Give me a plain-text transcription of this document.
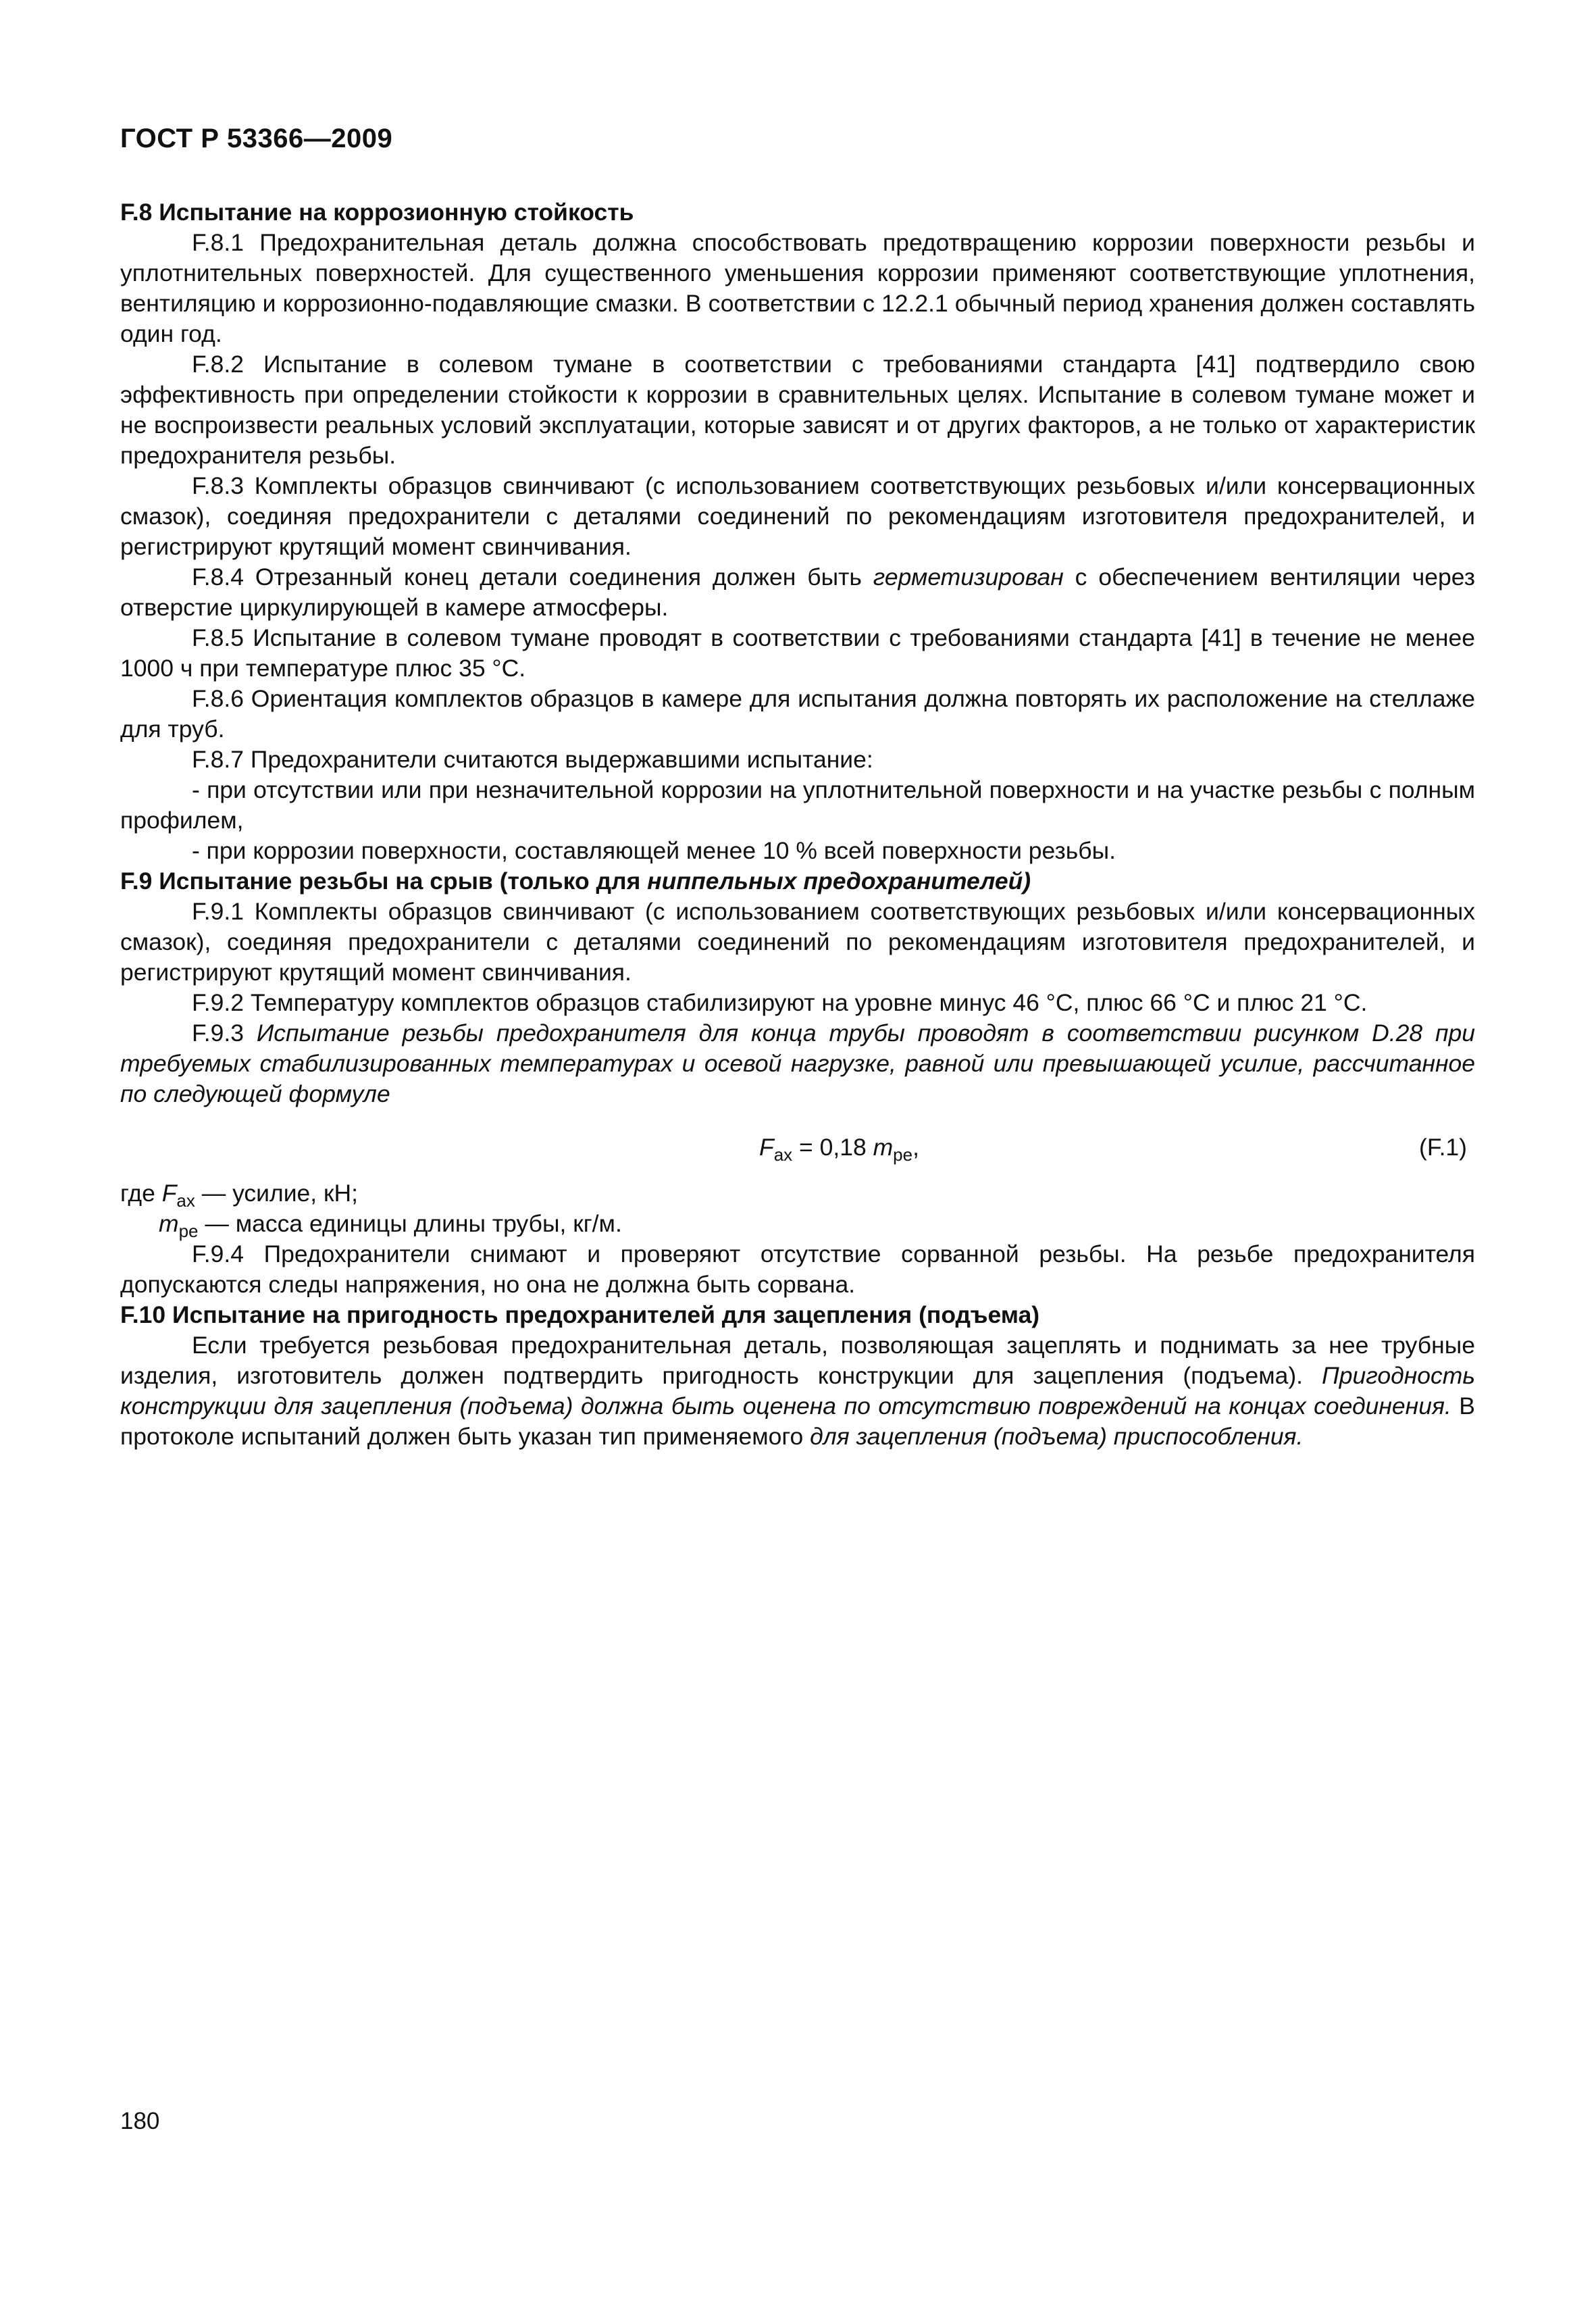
ГОСТ Р 53366—2009

F.8 Испытание на коррозионную стойкость

F.8.1 Предохранительная деталь должна способствовать предотвращению коррозии поверхности резьбы и уплотнительных поверхностей. Для существенного уменьшения коррозии применяют соответствующие уплотнения, вентиляцию и коррозионно-подавляющие смазки. В соответствии с 12.2.1 обычный период хранения должен составлять один год.

F.8.2 Испытание в солевом тумане в соответствии с требованиями стандарта [41] подтвердило свою эффективность при определении стойкости к коррозии в сравнительных целях. Испытание в солевом тумане может и не воспроизвести реальных условий эксплуатации, которые зависят и от других факторов, а не только от характеристик предохранителя резьбы.

F.8.3 Комплекты образцов свинчивают (с использованием соответствующих резьбовых и/или консервационных смазок), соединяя предохранители с деталями соединений по рекомендациям изготовителя предохранителей, и регистрируют крутящий момент свинчивания.

F.8.4 Отрезанный конец детали соединения должен быть герметизирован с обеспечением вентиляции через отверстие циркулирующей в камере атмосферы.

F.8.5 Испытание в солевом тумане проводят в соответствии с требованиями стандарта [41] в течение не менее 1000 ч при температуре плюс 35 °С.

F.8.6 Ориентация комплектов образцов в камере для испытания должна повторять их расположение на стеллаже для труб.

F.8.7 Предохранители считаются выдержавшими испытание:

- при отсутствии или при незначительной коррозии на уплотнительной поверхности и на участке резьбы с полным профилем,

- при коррозии поверхности, составляющей менее 10 % всей поверхности резьбы.

F.9 Испытание резьбы на срыв (только для ниппельных предохранителей)

F.9.1 Комплекты образцов свинчивают (с использованием соответствующих резьбовых и/или консервационных смазок), соединяя предохранители с деталями соединений по рекомендациям изготовителя предохранителей, и регистрируют крутящий момент свинчивания.

F.9.2 Температуру комплектов образцов стабилизируют на уровне минус 46 °С, плюс 66 °С и плюс 21 °С.

F.9.3 Испытание резьбы предохранителя для конца трубы проводят в соответствии рисунком D.28 при требуемых стабилизированных температурах и осевой нагрузке, равной или превышающей усилие, рассчитанное по следующей формуле

$F_{ax} = 0,18$ $m_{pe}$,	(F.1)

где $F_{ax}$ — усилие, кН;

$m_{pe}$ — масса единицы длины трубы, кг/м.

F.9.4 Предохранители снимают и проверяют отсутствие сорванной резьбы. На резьбе предохранителя допускаются следы напряжения, но она не должна быть сорвана.

F.10 Испытание на пригодность предохранителей для зацепления (подъема)

Если требуется резьбовая предохранительная деталь, позволяющая зацеплять и поднимать за нее трубные изделия, изготовитель должен подтвердить пригодность конструкции для зацепления (подъема). Пригодность конструкции для зацепления (подъема) должна быть оценена по отсутствию повреждений на концах соединения. В протоколе испытаний должен быть указан тип применяемого для зацепления (подъема) приспособления.

180
